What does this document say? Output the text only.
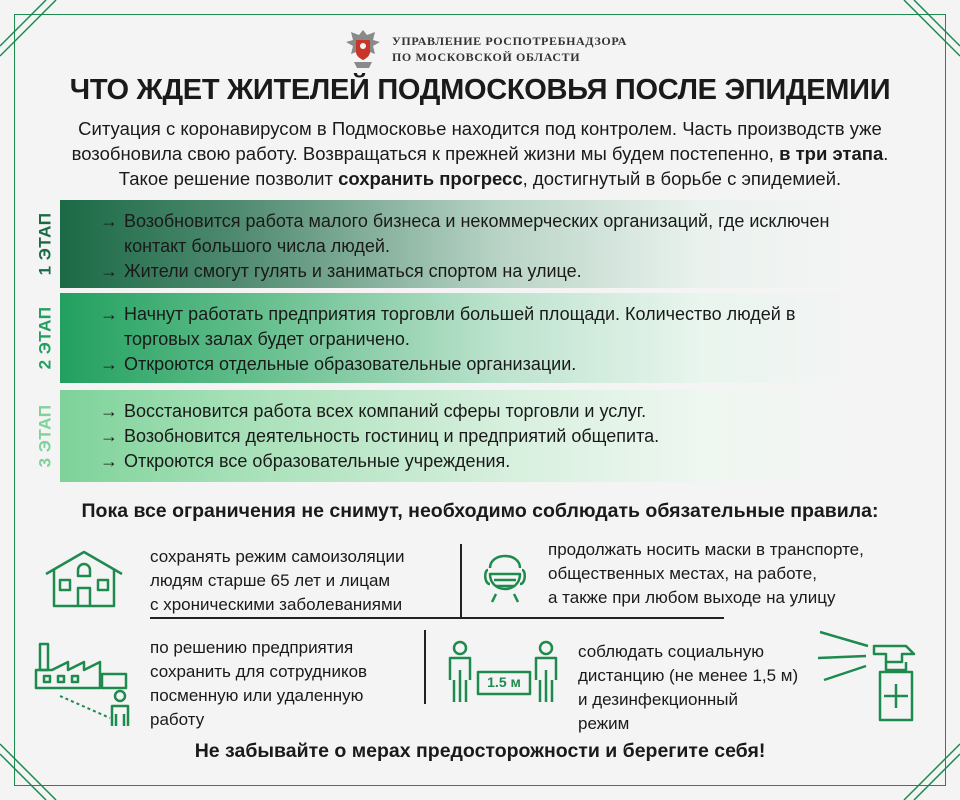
УПРАВЛЕНИЕ РОСПОТРЕБНАДЗОРА
ПО МОСКОВСКОЙ ОБЛАСТИ
ЧТО ЖДЕТ ЖИТЕЛЕЙ ПОДМОСКОВЬЯ ПОСЛЕ ЭПИДЕМИИ
Ситуация с коронавирусом в Подмосковье находится под контролем. Часть производств уже
возобновила свою работу. Возвращаться к прежней жизни мы будем постепенно, в три этапа.
Такое решение позволит сохранить прогресс, достигнутый в борьбе с эпидемией.
1 ЭТАП	→ Возобновится работа малого бизнеса и некоммерческих организаций, где исключен контакт большого числа людей.
→ Жители смогут гулять и заниматься спортом на улице.
2 ЭТАП	→ Начнут работать предприятия торговли большей площади. Количество людей в торговых залах будет ограничено.
→ Откроются отдельные образовательные организации.
3 ЭТАП	→ Восстановится работа всех компаний сферы торговли и услуг.
→ Возобновится деятельность гостиниц и предприятий общепита.
→ Откроются все образовательные учреждения.
Пока все ограничения не снимут, необходимо соблюдать обязательные правила:
сохранять режим самоизоляции
людям старше 65 лет и лицам
с хроническими заболеваниями
продолжать носить маски в транспорте,
общественных местах, на работе,
а также при любом выходе на улицу
по решению предприятия
сохранить для сотрудников
посменную или удаленную
работу
1.5 м
соблюдать социальную
дистанцию (не менее 1,5 м)
и дезинфекционный
режим
Не забывайте о мерах предосторожности и берегите себя!
